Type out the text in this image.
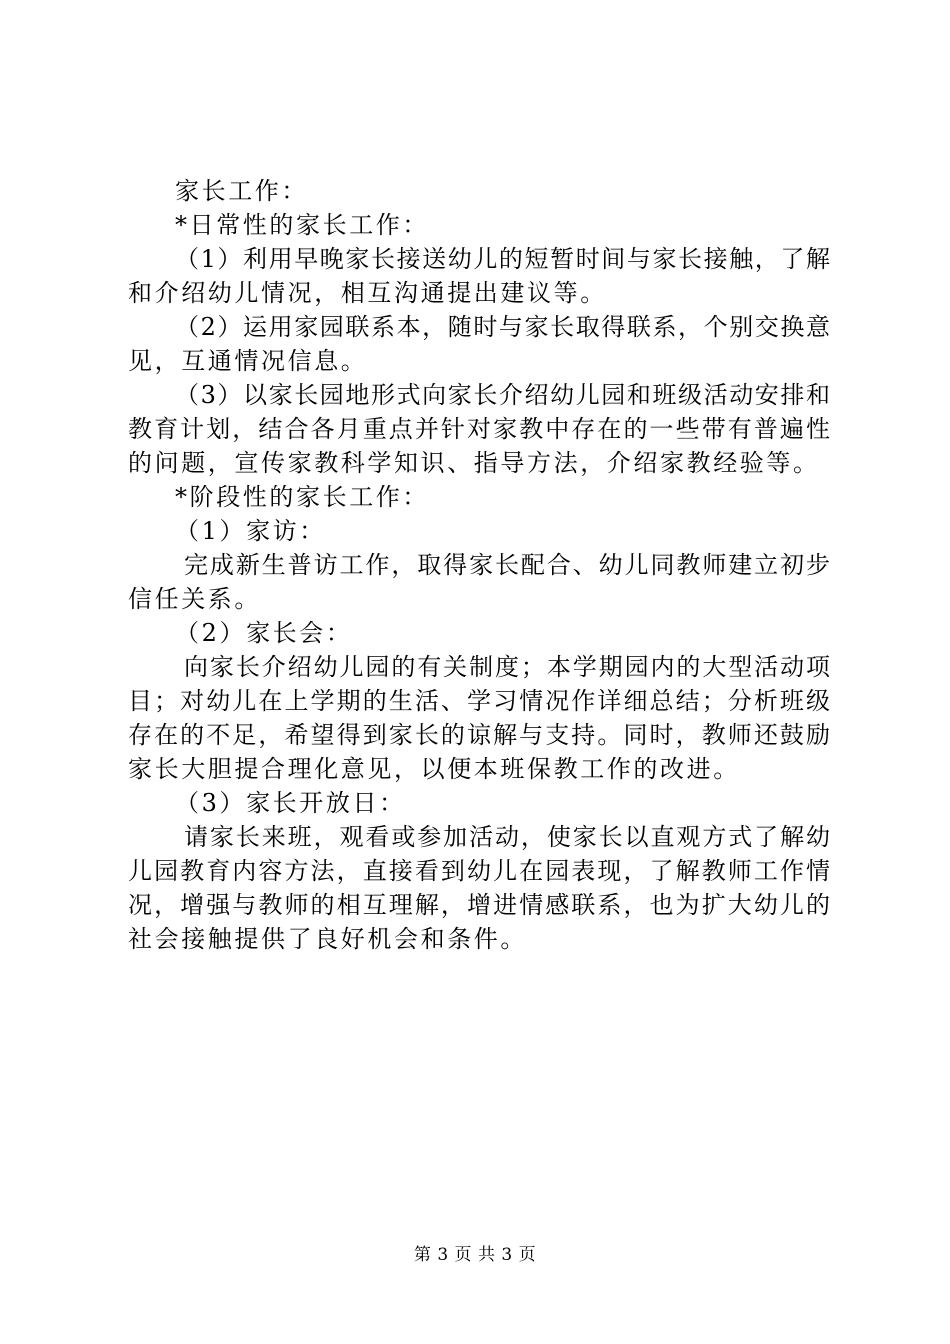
家长工作：
*日常性的家长工作：
（1）利用早晚家长接送幼儿的短暂时间与家长接触，了解
和介绍幼儿情况，相互沟通提出建议等。
（2）运用家园联系本，随时与家长取得联系，个别交换意
见，互通情况信息。
（3）以家长园地形式向家长介绍幼儿园和班级活动安排和
教育计划，结合各月重点并针对家教中存在的一些带有普遍性
的问题，宣传家教科学知识、指导方法，介绍家教经验等。
*阶段性的家长工作：
（1）家访：
完成新生普访工作，取得家长配合、幼儿同教师建立初步
信任关系。
（2）家长会：
向家长介绍幼儿园的有关制度；本学期园内的大型活动项
目；对幼儿在上学期的生活、学习情况作详细总结；分析班级
存在的不足，希望得到家长的谅解与支持。同时，教师还鼓励
家长大胆提合理化意见，以便本班保教工作的改进。
（3）家长开放日：
请家长来班，观看或参加活动，使家长以直观方式了解幼
儿园教育内容方法，直接看到幼儿在园表现，了解教师工作情
况，增强与教师的相互理解，增进情感联系，也为扩大幼儿的
社会接触提供了良好机会和条件。
第 3 页 共 3 页
